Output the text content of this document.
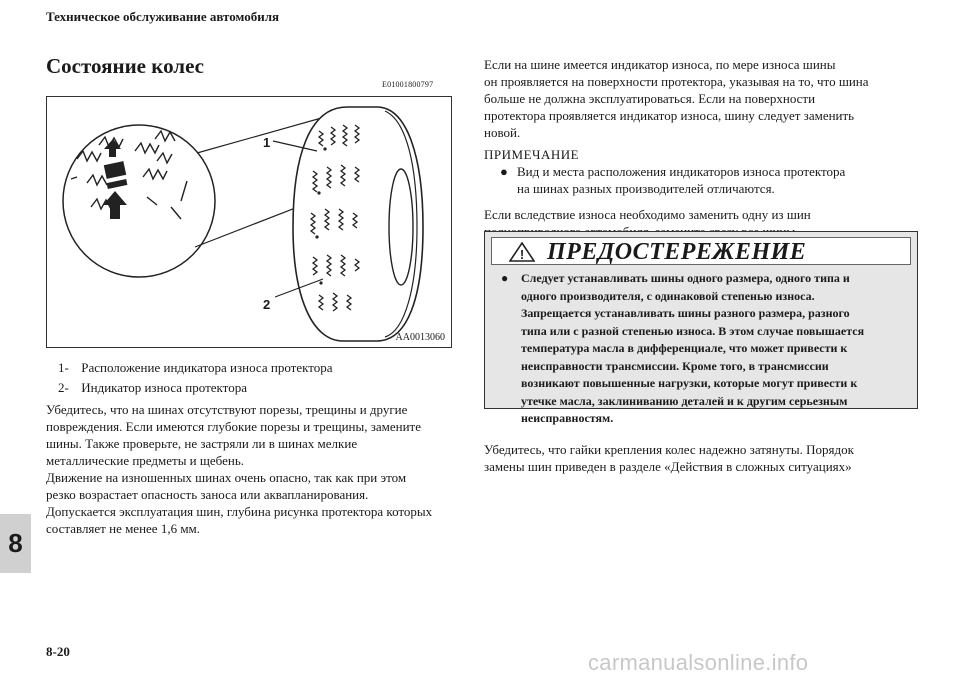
Техническое обслуживание автомобиля
Состояние колес
E01001800797
1
2
AA0013060
1- Расположение индикатора износа протектора
2- Индикатор износа протектора
Убедитесь, что на шинах отсутствуют порезы, трещины и другие
повреждения. Если имеются глубокие порезы и трещины, замените
шины. Также проверьте, не застряли ли в шинах мелкие
металлические предметы и щебень.
Движение на изношенных шинах очень опасно, так как при этом
резко возрастает опасность заноса или аквапланирования.
Допускается эксплуатация шин, глубина рисунка протектора которых
составляет не менее 1,6 мм.
Если на шине имеется индикатор износа, по мере износа шины
он проявляется на поверхности протектора, указывая на то, что шина
больше не должна эксплуатироваться. Если на поверхности
протектора проявляется индикатор износа, шину следует заменить
новой.
ПРИМЕЧАНИЕ
● Вид и места расположения индикаторов износа протектора
на шинах разных производителей отличаются.
Если вследствие износа необходимо заменить одну из шин
! ПРЕДОСТЕРЕЖЕНИЕ
● Следует устанавливать шины одного размера, одного типа и
одного производителя, с одинаковой степенью износа.
Запрещается устанавливать шины разного размера, разного
типа или с разной степенью износа. В этом случае повышается
температура масла в дифференциале, что может привести к
неисправности трансмиссии. Кроме того, в трансмиссии
возникают повышенные нагрузки, которые могут привести к
утечке масла, заклиниванию деталей и к другим серьезным
неисправностям.
Убедитесь, что гайки крепления колес надежно затянуты. Порядок
замены шин приведен в разделе «Действия в сложных ситуациях»
8
8-20	carmanualsonline.info
